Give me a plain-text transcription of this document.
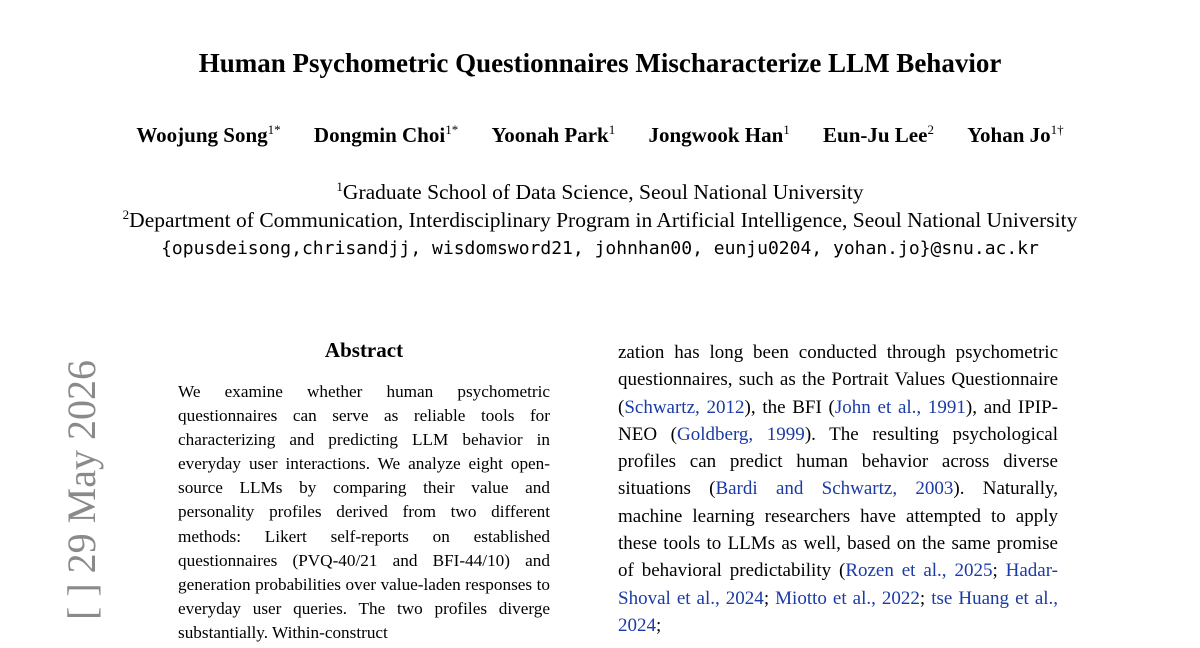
Human Psychometric Questionnaires Mischaracterize LLM Behavior
Woojung Song$^{1*}$ Dongmin Choi$^{1*}$ Yoonah Park$^1$ Jongwook Han$^1$ Eun-Ju Lee$^2$ Yohan $Jo^{1\dagger}$
$^1$Graduate School of Data Science, Seoul National University
$^2$Department of Communication, Interdisciplinary Program in Artificial Intelligence, Seoul National University
{opusdeisong,chrisandjj, wisdomsword21, johnhan00, eunju0204, yohan.jo}@snu.ac.kr
[ ] 29 May 2026
Abstract

We examine whether human psychometric questionnaires can serve as reliable tools for characterizing and predicting LLM behavior in everyday user interactions. We analyze eight open-source LLMs by comparing their value and personality profiles derived from two different methods: Likert self-reports on established questionnaires (PVQ-40/21 and BFI-44/10) and generation probabilities over value-laden responses to everyday user queries. The two profiles diverge substantially. Within-construct

zation has long been conducted through psychometric questionnaires, such as the Portrait Values Questionnaire (Schwartz, 2012), the BFI (John et al., 1991), and IPIP-NEO (Goldberg, 1999). The resulting psychological profiles can predict human behavior across diverse situations (Bardi and Schwartz, 2003). Naturally, machine learning researchers have attempted to apply these tools to LLMs as well, based on the same promise of behavioral predictability (Rozen et al., 2025; Hadar-Shoval et al., 2024; Miotto et al., 2022; tse Huang et al., 2024;
